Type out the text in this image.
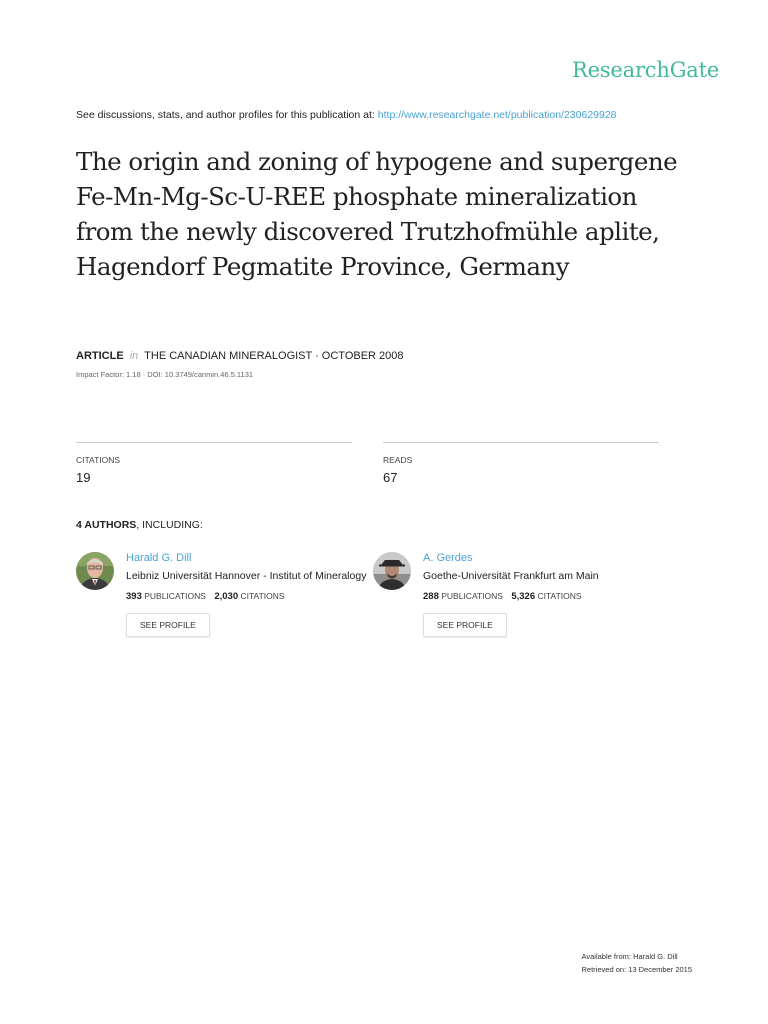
ResearchGate
See discussions, stats, and author profiles for this publication at: http://www.researchgate.net/publication/230629928
The origin and zoning of hypogene and supergene Fe-Mn-Mg-Sc-U-REE phosphate mineralization from the newly discovered Trutzhofmühle aplite, Hagendorf Pegmatite Province, Germany
ARTICLE in THE CANADIAN MINERALOGIST · OCTOBER 2008
Impact Factor: 1.18 · DOI: 10.3749/canmin.46.5.1131
CITATIONS
19
READS
67
4 AUTHORS, INCLUDING:
Harald G. Dill
Leibniz Universität Hannover - Institut of Mineralogy
393 PUBLICATIONS 2,030 CITATIONS
SEE PROFILE
A. Gerdes
Goethe-Universität Frankfurt am Main
288 PUBLICATIONS 5,326 CITATIONS
SEE PROFILE
Available from: Harald G. Dill
Retrieved on: 13 December 2015
